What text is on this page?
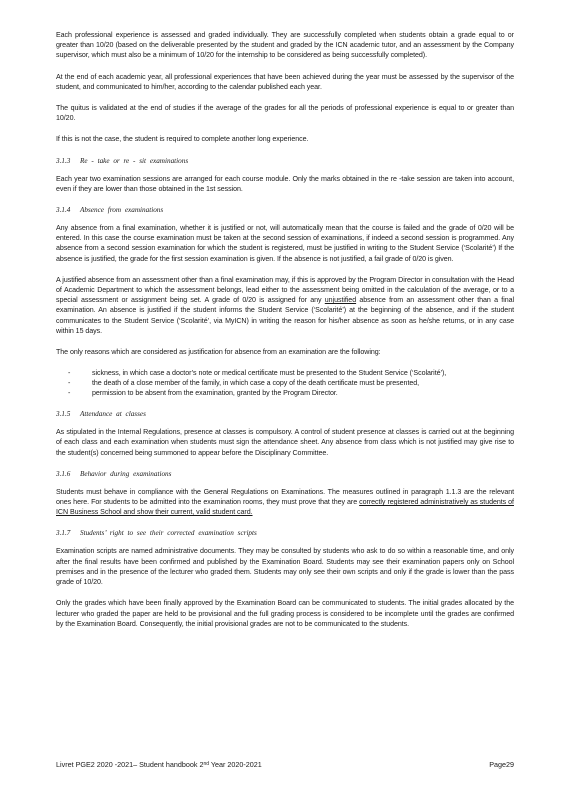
Each professional experience is assessed and graded individually. They are successfully completed when students obtain a grade equal to or greater than 10/20 (based on the deliverable presented by the student and graded by the ICN academic tutor, and an assessment by the Company supervisor, which must also be a minimum of 10/20 for the internship to be considered as being successfully completed).

At the end of each academic year, all professional experiences that have been achieved during the year must be assessed by the supervisor of the student, and communicated to him/her, according to the calendar published each year.

The quitus is validated at the end of studies if the average of the grades for all the periods of professional experience is equal to or greater than 10/20.

If this is not the case, the student is required to complete another long experience.

3.1.3 Re - take or re - sit examinations

Each year two examination sessions are arranged for each course module. Only the marks obtained in the re -take session are taken into account, even if they are lower than those obtained in the 1st session.

3.1.4 Absence from examinations

Any absence from a final examination, whether it is justified or not, will automatically mean that the course is failed and the grade of 0/20 will be entered. In this case the course examination must be taken at the second session of examinations, if indeed a second session is programmed. Any absence from a second session examination for which the student is registered, must be justified in writing to the Student Service (‘Scolarité’) If the absence is justified, the grade for the first session examination is given. If the absence is not justified, a fail grade of 0/20 is given.

A justified absence from an assessment other than a final examination may, if this is approved by the Program Director in consultation with the Head of Academic Department to which the assessment belongs, lead either to the assessment being omitted in the calculation of the average, or to a special assessment or assignment being set. A grade of 0/20 is assigned for any unjustified absence from an assessment other than a final examination. An absence is justified if the student informs the Student Service (‘Scolarité’) at the beginning of the absence, and if the student communicates to the Student Service (‘Scolarité’, via MyICN) in writing the reason for his/her absence as soon as he/she returns, or in any case within 15 days.

The only reasons which are considered as justification for absence from an examination are the following:

-	sickness, in which case a doctor’s note or medical certificate must be presented to the Student Service (‘Scolarité’),
-	the death of a close member of the family, in which case a copy of the death certificate must be presented,
-	permission to be absent from the examination, granted by the Program Director.
3.1.5 Attendance at classes

As stipulated in the Internal Regulations, presence at classes is compulsory. A control of student presence at classes is carried out at the beginning of each class and each examination when students must sign the attendance sheet. Any absence from class which is not justified may give rise to the student(s) concerned being summoned to appear before the Disciplinary Committee.

3.1.6 Behavior during examinations

Students must behave in compliance with the General Regulations on Examinations. The measures outlined in paragraph 1.1.3 are the relevant ones here. For students to be admitted into the examination rooms, they must prove that they are correctly registered administratively as students of ICN Business School and show their current, valid student card.

3.1.7 Students’ right to see their corrected examination scripts

Examination scripts are named administrative documents. They may be consulted by students who ask to do so within a reasonable time, and only after the final results have been confirmed and published by the Examination Board. Students may see their examination papers only on School premises and in the presence of the lecturer who graded them. Students may only see their own scripts and only if the grade is lower than the pass grade of 10/20.

Only the grades which have been finally approved by the Examination Board can be communicated to students. The initial grades allocated by the lecturer who graded the paper are held to be provisional and the full grading process is considered to be incomplete until the grades are confirmed by the Examination Board. Consequently, the initial provisional grades are not to be communicated to the students.

Livret PGE2 2020 -2021– Student handbook 2nd Year 2020-2021	Page29
